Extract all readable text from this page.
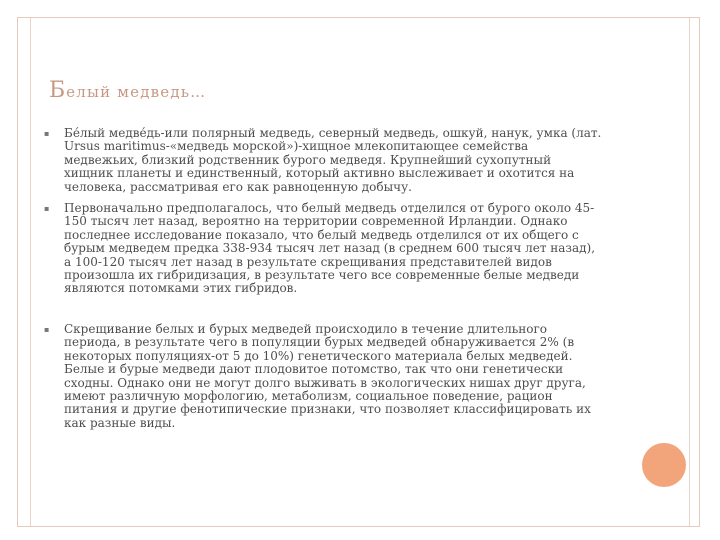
Белый медведь…
▪ Бе́лый медве́дь-или полярный медведь, северный медведь, ошкуй, нанук, умка (лат. Ursus maritimus-«медведь морской»)-хищное млекопитающее семейства медвежьих, близкий родственник бурого медведя. Крупнейший сухопутный хищник планеты и единственный, который активно выслеживает и охотится на человека, рассматривая его как равноценную добычу.
▪ Первоначально предполагалось, что белый медведь отделился от бурого около 45-150 тысяч лет назад, вероятно на территории современной Ирландии. Однако последнее исследование показало, что белый медведь отделился от их общего с бурым медведем предка 338-934 тысяч лет назад (в среднем 600 тысяч лет назад), а 100-120 тысяч лет назад в результате скрещивания представителей видов произошла их гибридизация, в результате чего все современные белые медведи являются потомками этих гибридов.
▪ Скрещивание белых и бурых медведей происходило в течение длительного периода, в результате чего в популяции бурых медведей обнаруживается 2% (в некоторых популяциях-от 5 до 10%) генетического материала белых медведей. Белые и бурые медведи дают плодовитое потомство, так что они генетически сходны. Однако они не могут долго выживать в экологических нишах друг друга, имеют различную морфологию, метаболизм, социальное поведение, рацион питания и другие фенотипические признаки, что позволяет классифицировать их как разные виды.
